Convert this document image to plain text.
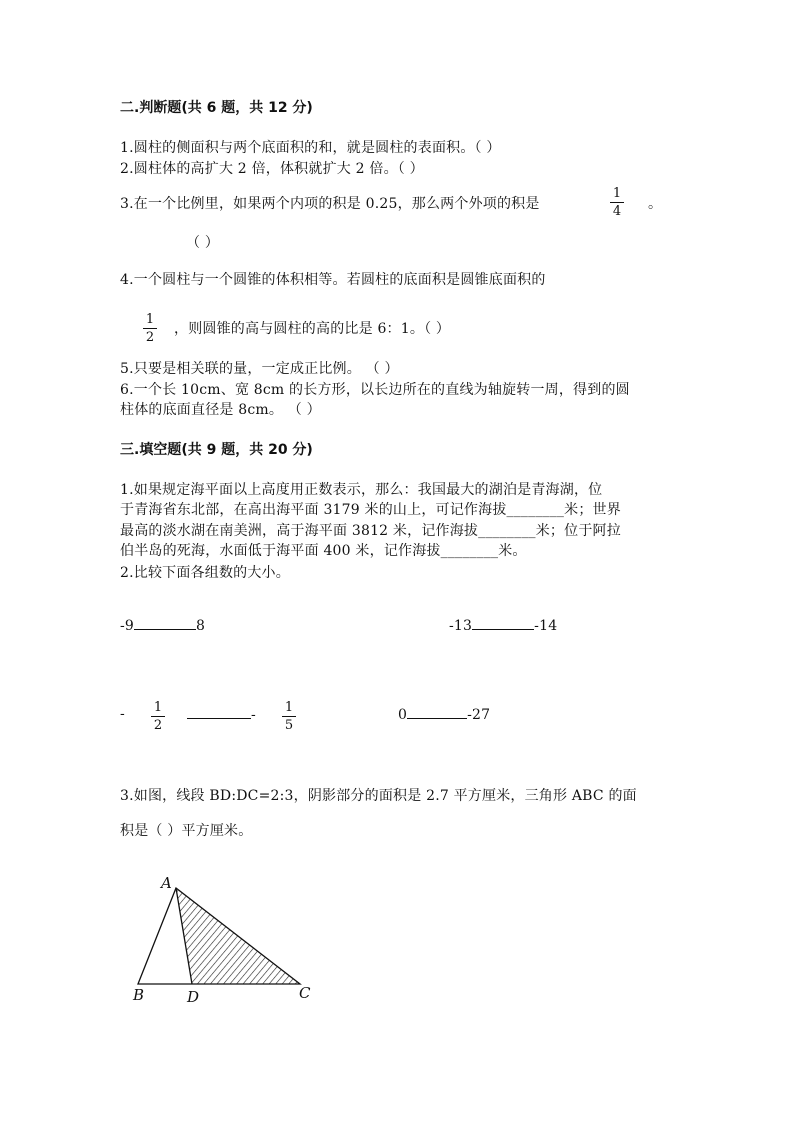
二.判断题(共 6 题，共 12 分)
1.圆柱的侧面积与两个底面积的和，就是圆柱的表面积。（ ）
2.圆柱体的高扩大 2 倍，体积就扩大 2 倍。（ ）
3.在一个比例里，如果两个内项的积是 0.25，那么两个外项的积是
1
4 。
（ ）
4.一个圆柱与一个圆锥的体积相等。若圆柱的底面积是圆锥底面积的
1
2
，则圆锥的高与圆柱的高的比是 6：1。（ ）
5.只要是相关联的量，一定成正比例。 （ ）
6.一个长 10cm、宽 8cm 的长方形，以长边所在的直线为轴旋转一周，得到的圆
柱体的底面直径是 8cm。 （ ）
三.填空题(共 9 题，共 20 分)
1.如果规定海平面以上高度用正数表示，那么：我国最大的湖泊是青海湖，位
于青海省东北部，在高出海平面 3179 米的山上，可记作海拔________米；世界
最高的淡水湖在南美洲，高于海平面 3812 米，记作海拔________米；位于阿拉
伯半岛的死海，水面低于海平面 400 米，记作海拔________米。
2.比较下面各组数的大小。
-9	8	-13	-14
- 1
2
- 1
5
0	-27
3.如图，线段 BD:DC=2:3，阴影部分的面积是 2.7 平方厘米，三角形 ABC 的面
积是（ ）平方厘米。
A
B	D	C
